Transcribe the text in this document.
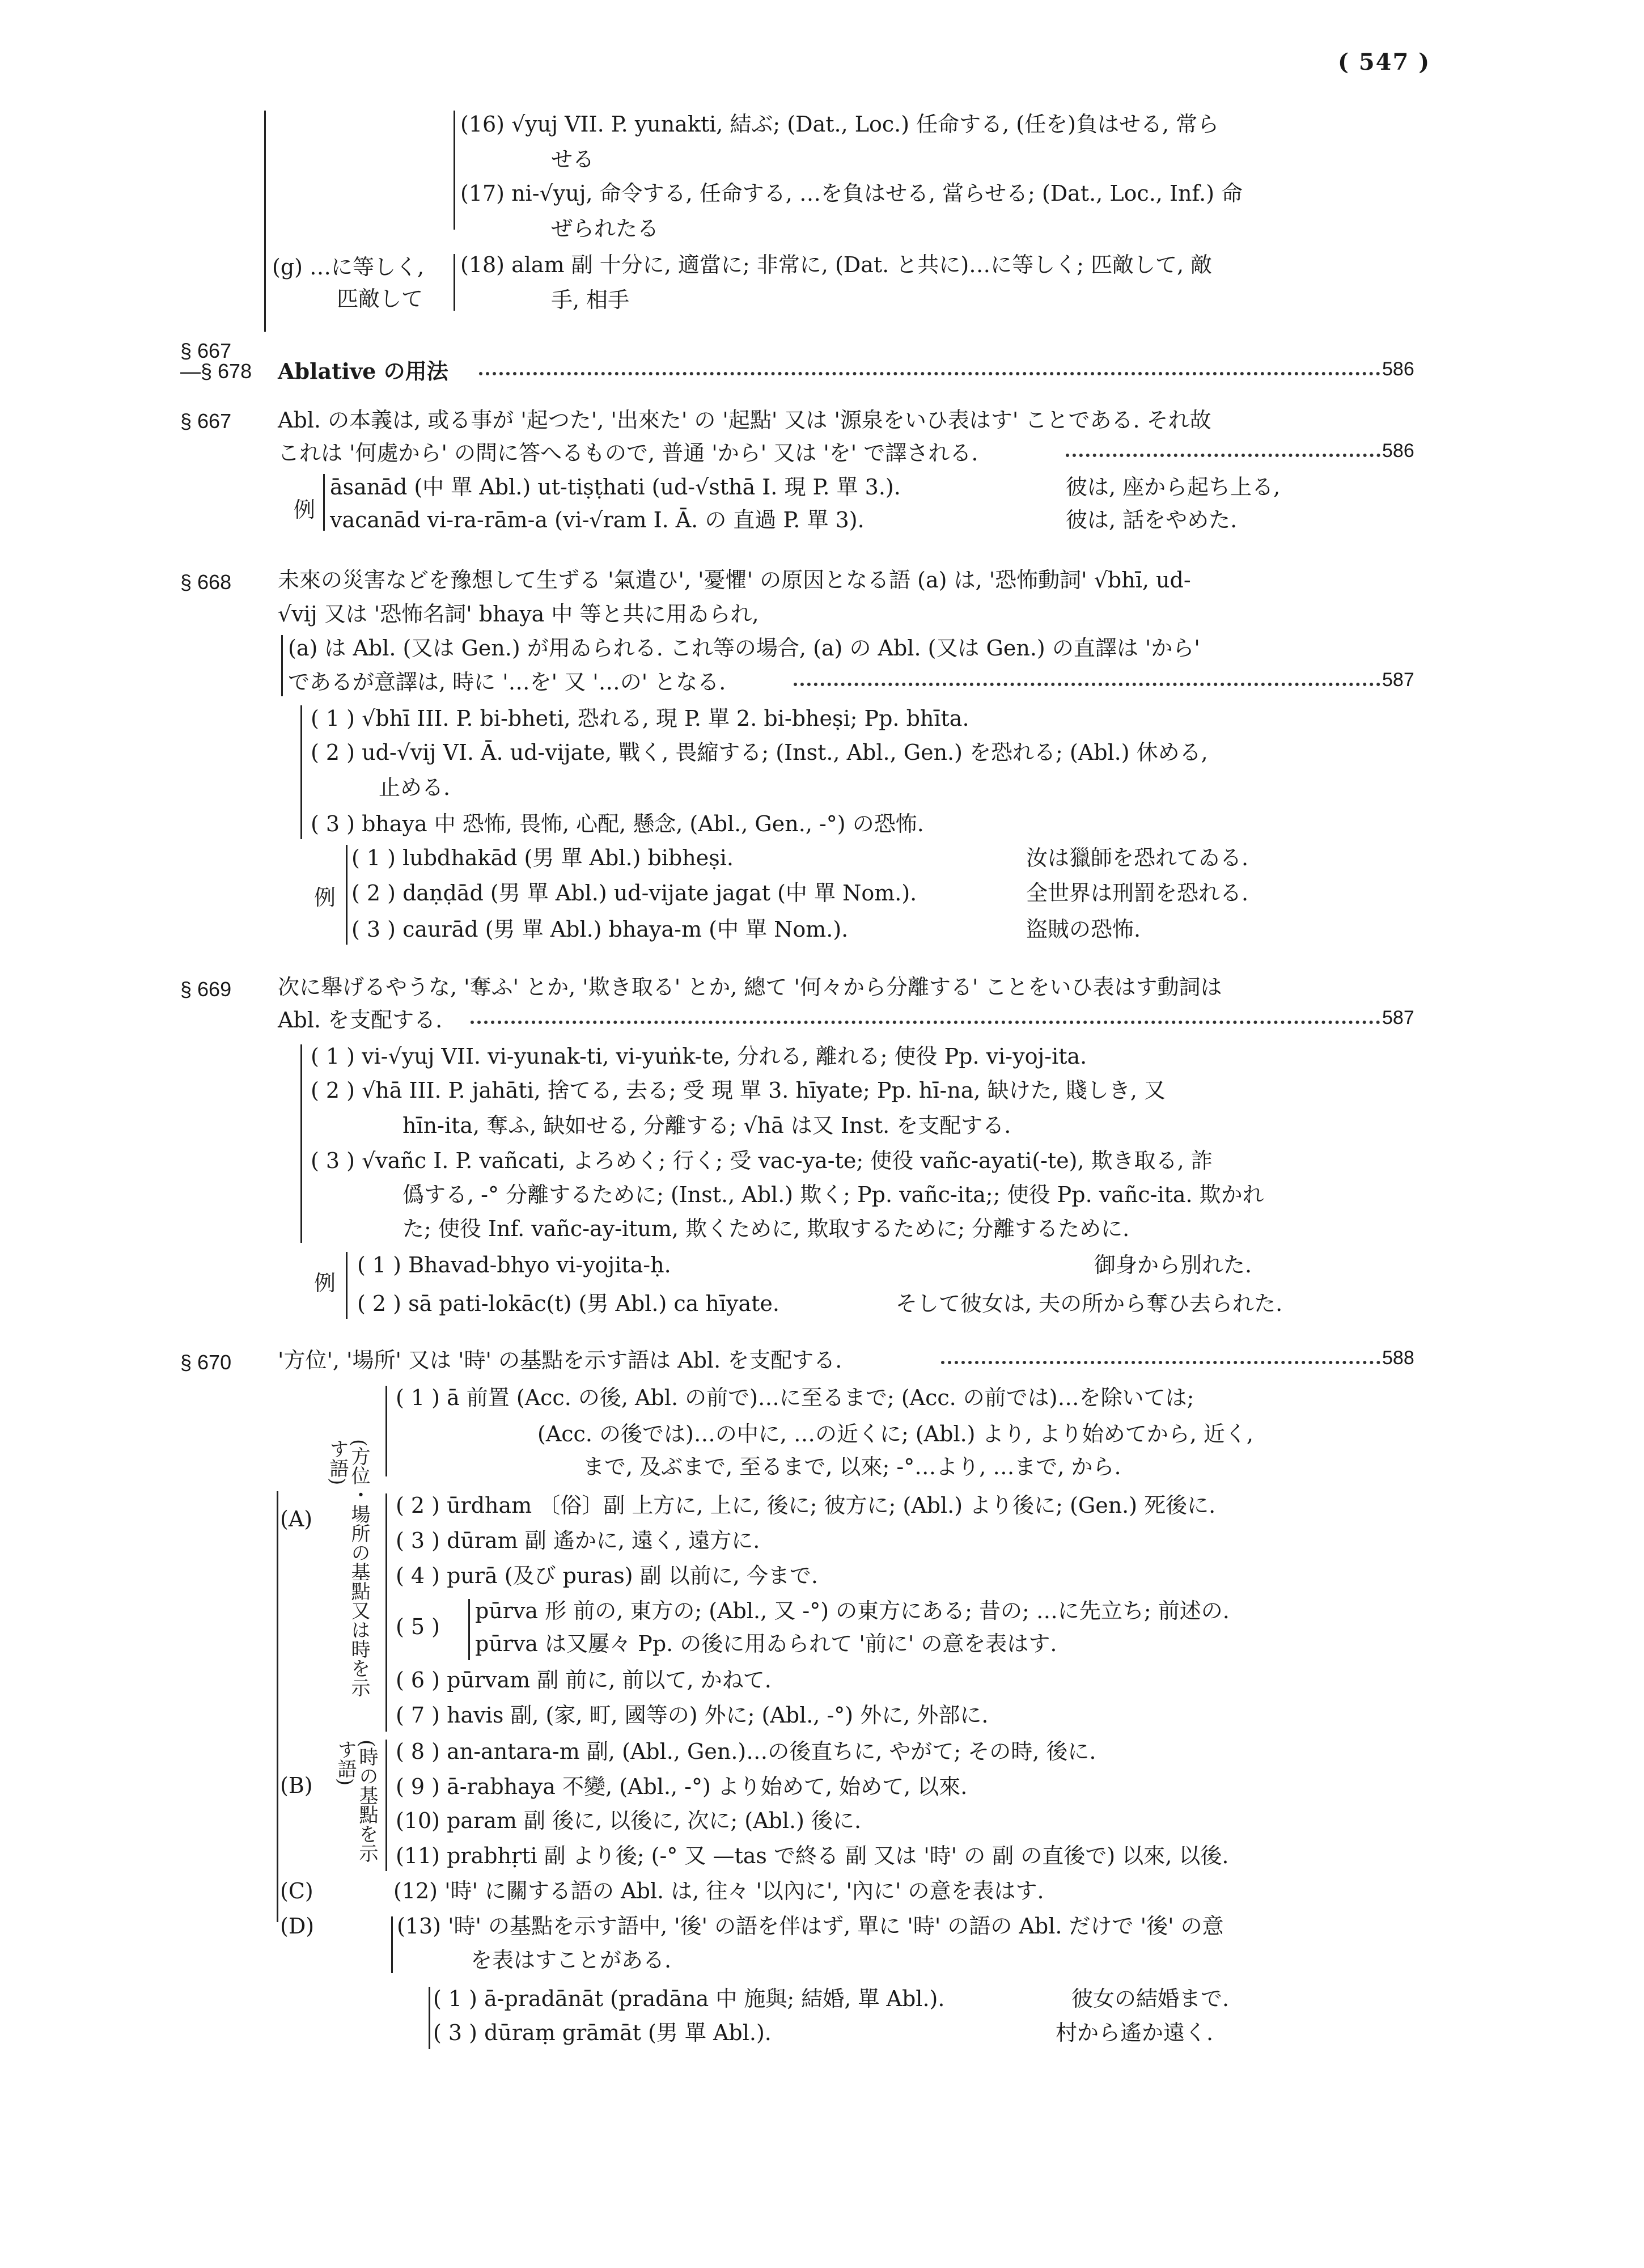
( 547 )
(16) √yuj VII. P. yunakti, 結ぶ; (Dat., Loc.) 任命する, (任を)負はせる, 常ら
せる
(17) ni-√yuj, 命令する, 任命する, …を負はせる, 當らせる; (Dat., Loc., Inf.) 命
ぜられたる
(g) …に等しく,
匹敵して
(18) alam 副 十分に, 適當に; 非常に, (Dat. と共に)…に等しく; 匹敵して, 敵
手, 相手
§ 667
—§ 678 Ablative の用法	586
§ 667 Abl. の本義は, 或る事が '起つた', '出來た' の '起點' 又は '源泉をいひ表はす' ことである. それ故
これは '何處から' の問に答へるもので, 普通 'から' 又は 'を' で譯される.	586
例
āsanād (中 單 Abl.) ut-tiṣṭhati (ud-√sthā I. 現 P. 單 3.).	彼は, 座から起ち上る,
vacanād vi-ra-rām-a (vi-√ram I. Ā. の 直過 P. 單 3).	彼は, 話をやめた.
§ 668 未來の災害などを豫想して生ずる '氣遣ひ', '憂懼' の原因となる語 (a) は, '恐怖動詞' √bhī, ud-
√vij 又は '恐怖名詞' bhaya 中 等と共に用ゐられ,
(a) は Abl. (又は Gen.) が用ゐられる. これ等の場合, (a) の Abl. (又は Gen.) の直譯は 'から'
であるが意譯は, 時に '…を' 又 '…の' となる.	587
( 1 ) √bhī III. P. bi-bheti, 恐れる, 現 P. 單 2. bi-bheṣi; Pp. bhīta.
( 2 ) ud-√vij VI. Ā. ud-vijate, 戰く, 畏縮する; (Inst., Abl., Gen.) を恐れる; (Abl.) 休める,
止める.
( 3 ) bhaya 中 恐怖, 畏怖, 心配, 懸念, (Abl., Gen., -°) の恐怖.
例
( 1 ) lubdhakād (男 單 Abl.) bibheṣi.	汝は獵師を恐れてゐる.
( 2 ) daṇḍād (男 單 Abl.) ud-vijate jagat (中 單 Nom.).	全世界は刑罰を恐れる.
( 3 ) caurād (男 單 Abl.) bhaya-m (中 單 Nom.).	盜賊の恐怖.
§ 669 次に舉げるやうな, '奪ふ' とか, '欺き取る' とか, 總て '何々から分離する' ことをいひ表はす動詞は
Abl. を支配する.	587
( 1 ) vi-√yuj VII. vi-yunak-ti, vi-yuṅk-te, 分れる, 離れる; 使役 Pp. vi-yoj-ita.
( 2 ) √hā III. P. jahāti, 捨てる, 去る; 受 現 單 3. hīyate; Pp. hī-na, 缺けた, 賤しき, 又
hīn-ita, 奪ふ, 缺如せる, 分離する; √hā は又 Inst. を支配する.
( 3 ) √vañc I. P. vañcati, よろめく; 行く; 受 vac-ya-te; 使役 vañc-ayati(-te), 欺き取る, 詐
僞する, -° 分離するために; (Inst., Abl.) 欺く; Pp. vañc-ita;; 使役 Pp. vañc-ita. 欺かれ
た; 使役 Inf. vañc-ay-itum, 欺くために, 欺取するために; 分離するために.
例
( 1 ) Bhavad-bhyo vi-yojita-ḥ.	御身から別れた.
( 2 ) sā pati-lokāc(t) (男 Abl.) ca hīyate.	そして彼女は, 夫の所から奪ひ去られた.
§ 670 '方位', '場所' 又は '時' の基點を示す語は Abl. を支配する.	588
( 1 ) ā 前置 (Acc. の後, Abl. の前で)…に至るまで; (Acc. の前では)…を除いては;
(Acc. の後では)…の中に, …の近くに; (Abl.) より, より始めてから, 近く,
まで, 及ぶまで, 至るまで, 以來; -°…より, …まで, から.
(A)	(方位・場所の基點又は時を示す語)
( 2 ) ūrdham 〔俗〕副 上方に, 上に, 後に; 彼方に; (Abl.) より後に; (Gen.) 死後に.
( 3 ) dūram 副 遙かに, 遠く, 遠方に.
( 4 ) purā (及び puras) 副 以前に, 今まで.
( 5 )
pūrva 形 前の, 東方の; (Abl., 又 -°) の東方にある; 昔の; …に先立ち; 前述の.
pūrva は又屢々 Pp. の後に用ゐられて '前に' の意を表はす.
( 6 ) pūrvam 副 前に, 前以て, かねて.
( 7 ) havis 副, (家, 町, 國等の) 外に; (Abl., -°) 外に, 外部に.
(B)	(時の基點を示す語)	( 8 ) an-antara-m 副, (Abl., Gen.)…の後直ちに, やがて; その時, 後に.
( 9 ) ā-rabhaya 不變, (Abl., -°) より始めて, 始めて, 以來.
(10) param 副 後に, 以後に, 次に; (Abl.) 後に.
(11) prabhṛti 副 より後; (-° 又 —tas で終る 副 又は '時' の 副 の直後で) 以來, 以後.
(C)	(12) '時' に關する語の Abl. は, 往々 '以內に', '內に' の意を表はす.
(D)	(13) '時' の基點を示す語中, '後' の語を伴はず, 單に '時' の語の Abl. だけで '後' の意
を表はすことがある.
( 1 ) ā-pradānāt (pradāna 中 施與; 結婚, 單 Abl.).	彼女の結婚まで.
( 3 ) dūraṃ grāmāt (男 單 Abl.).	村から遙か遠く.
